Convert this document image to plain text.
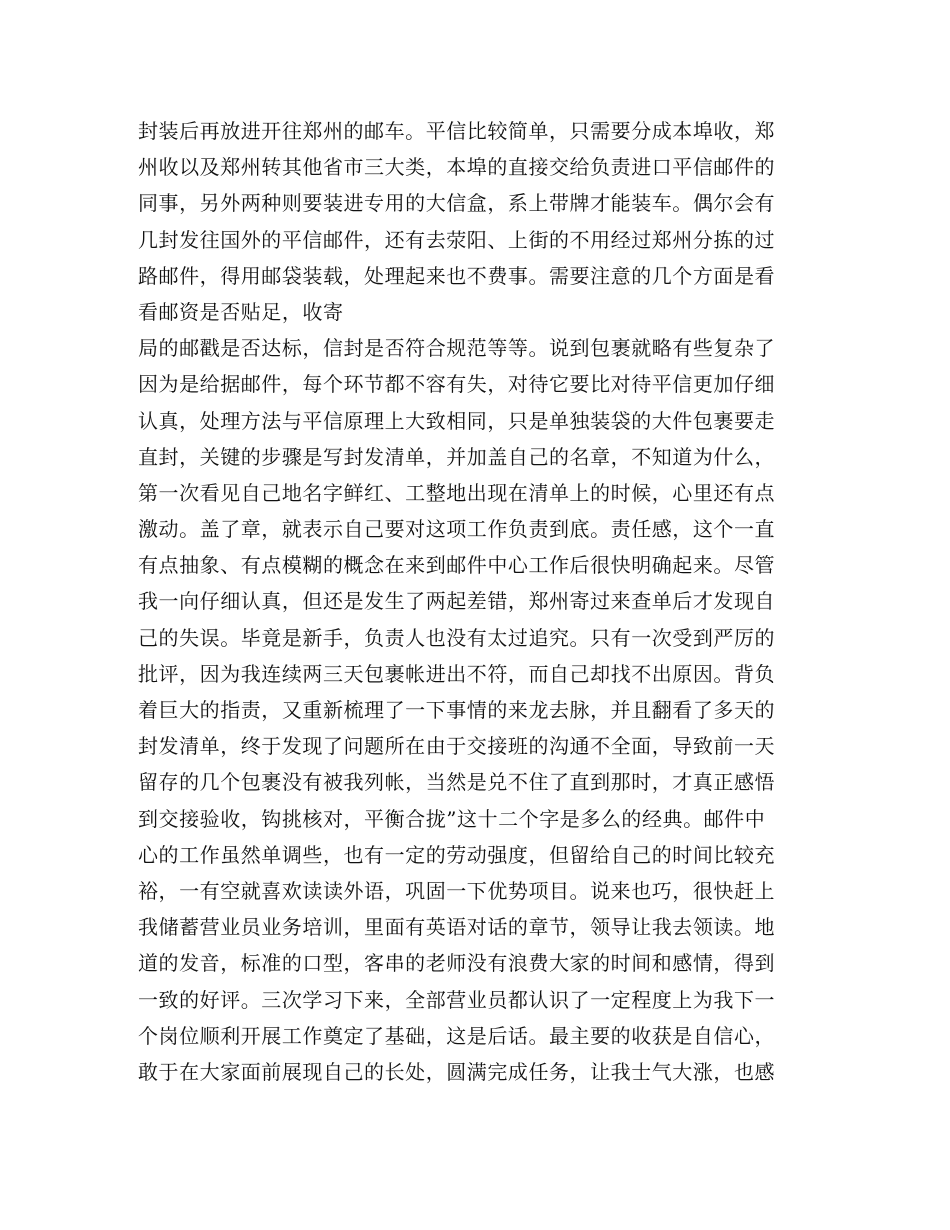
封装后再放进开往郑州的邮车。平信比较简单，只需要分成本埠收，郑
州收以及郑州转其他省市三大类，本埠的直接交给负责进口平信邮件的
同事，另外两种则要装进专用的大信盒，系上带牌才能装车。偶尔会有
几封发往国外的平信邮件，还有去荥阳、上街的不用经过郑州分拣的过
路邮件，得用邮袋装载，处理起来也不费事。需要注意的几个方面是看
看邮资是否贴足，收寄
局的邮戳是否达标，信封是否符合规范等等。说到包裹就略有些复杂了
因为是给据邮件，每个环节都不容有失，对待它要比对待平信更加仔细
认真，处理方法与平信原理上大致相同，只是单独装袋的大件包裹要走
直封，关键的步骤是写封发清单，并加盖自己的名章，不知道为什么，
第一次看见自己地名字鲜红、工整地出现在清单上的时候，心里还有点
激动。盖了章，就表示自己要对这项工作负责到底。责任感，这个一直
有点抽象、有点模糊的概念在来到邮件中心工作后很快明确起来。尽管
我一向仔细认真，但还是发生了两起差错，郑州寄过来查单后才发现自
己的失误。毕竟是新手，负责人也没有太过追究。只有一次受到严厉的
批评，因为我连续两三天包裹帐进出不符，而自己却找不出原因。背负
着巨大的指责，又重新梳理了一下事情的来龙去脉，并且翻看了多天的
封发清单，终于发现了问题所在由于交接班的沟通不全面，导致前一天
留存的几个包裹没有被我列帐，当然是兑不住了直到那时，才真正感悟
到交接验收，钩挑核对，平衡合拢”这十二个字是多么的经典。邮件中
心的工作虽然单调些，也有一定的劳动强度，但留给自己的时间比较充
裕，一有空就喜欢读读外语，巩固一下优势项目。说来也巧，很快赶上
我储蓄营业员业务培训，里面有英语对话的章节，领导让我去领读。地
道的发音，标准的口型，客串的老师没有浪费大家的时间和感情，得到
一致的好评。三次学习下来，全部营业员都认识了一定程度上为我下一
个岗位顺利开展工作奠定了基础，这是后话。最主要的收获是自信心，
敢于在大家面前展现自己的长处，圆满完成任务，让我士气大涨，也感
